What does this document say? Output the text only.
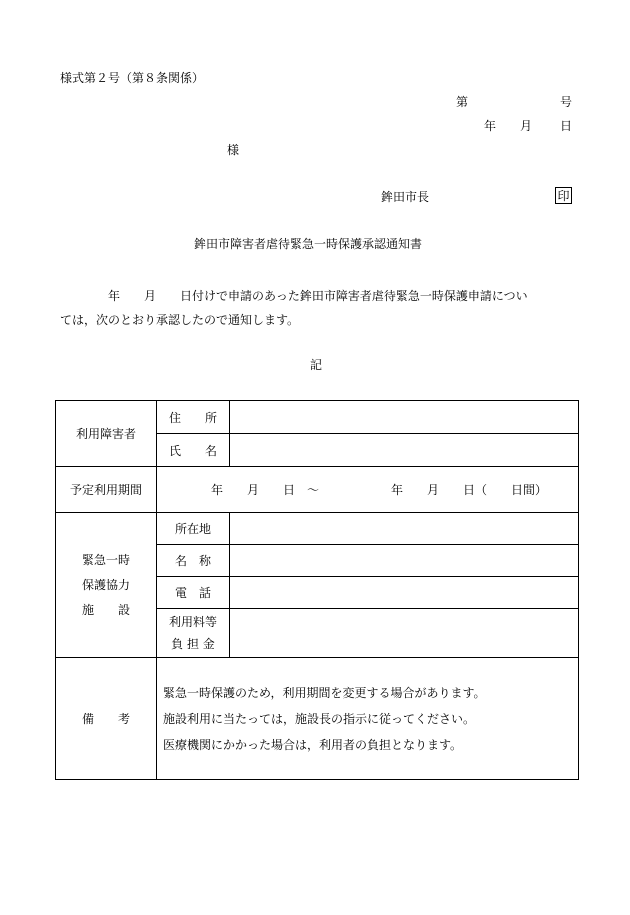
様式第２号（第８条関係）
第	号
年 月 日
様
鉾田市長	印
鉾田市障害者虐待緊急一時保護承認通知書
　　　　年　　月　　日付けで申請のあった鉾田市障害者虐待緊急一時保護申請につい
ては，次のとおり承認したので通知します。
記
利用障害者	住　　所	
	氏　　名	
予定利用期間	年　　月　　日　～　　　　　　年　　月　　日（　　日間）	

緊急一時
保護協力
施　　設	所在地	
	名　称	
	電　話	

	利用料等
負 担 金	

備　　考	緊急一時保護のため，利用期間を変更する場合があります。
施設利用に当たっては，施設長の指示に従ってください。
医療機関にかかった場合は，利用者の負担となります。	
